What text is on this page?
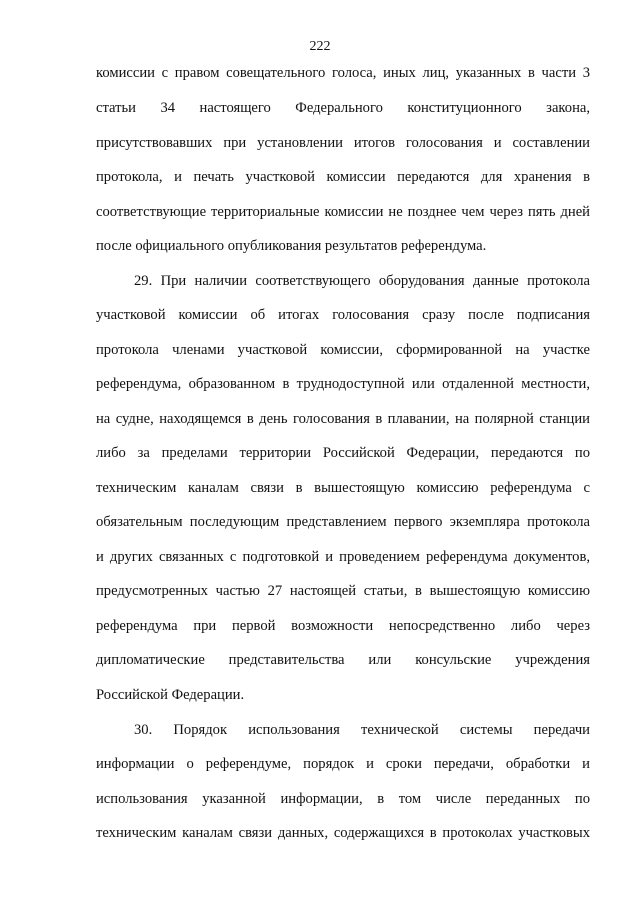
222
комиссии с правом совещательного голоса, иных лиц, указанных в части 3
статьи 34 настоящего Федерального конституционного закона,
присутствовавших при установлении итогов голосования и составлении
протокола, и печать участковой комиссии передаются для хранения в
соответствующие территориальные комиссии не позднее чем через пять дней
после официального опубликования результатов референдума.
29. При наличии соответствующего оборудования данные протокола
участковой комиссии об итогах голосования сразу после подписания
протокола членами участковой комиссии, сформированной на участке
референдума, образованном в труднодоступной или отдаленной местности,
на судне, находящемся в день голосования в плавании, на полярной станции
либо за пределами территории Российской Федерации, передаются по
техническим каналам связи в вышестоящую комиссию референдума с
обязательным последующим представлением первого экземпляра протокола
и других связанных с подготовкой и проведением референдума документов,
предусмотренных частью 27 настоящей статьи, в вышестоящую комиссию
референдума при первой возможности непосредственно либо через
дипломатические представительства или консульские учреждения
Российской Федерации.
30. Порядок использования технической системы передачи
информации о референдуме, порядок и сроки передачи, обработки и
использования указанной информации, в том числе переданных по
техническим каналам связи данных, содержащихся в протоколах участковых
